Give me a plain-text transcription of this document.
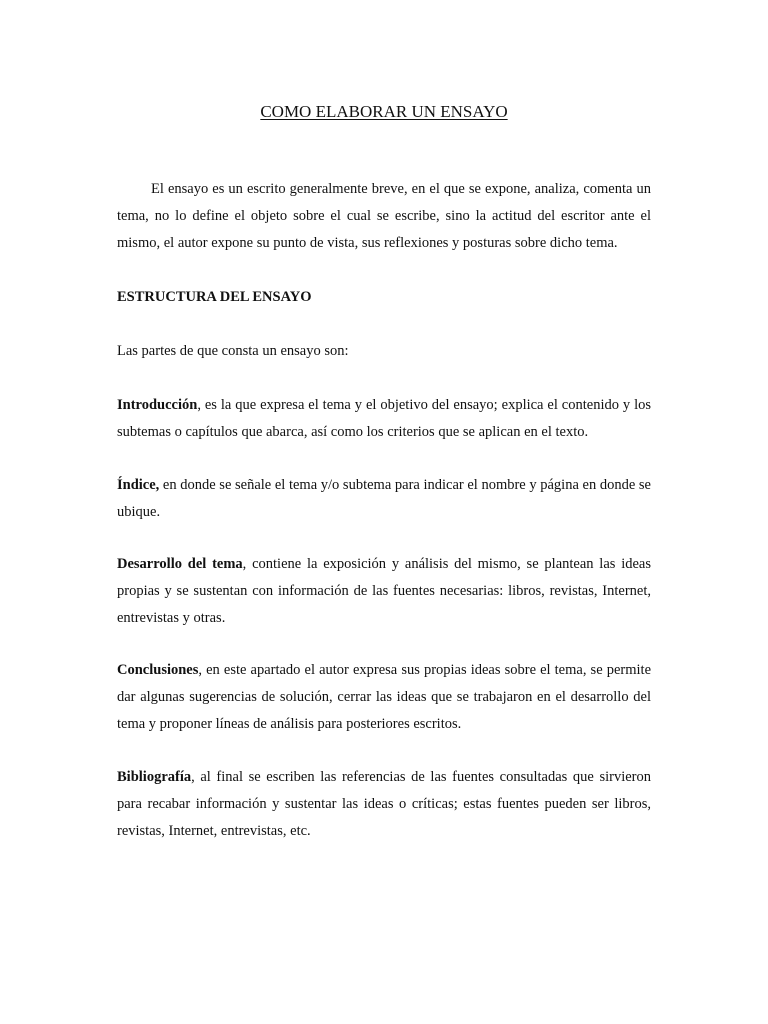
COMO ELABORAR UN ENSAYO

El ensayo es un escrito generalmente breve, en el que se expone, analiza, comenta un tema, no lo define el objeto sobre el cual se escribe, sino la actitud del escritor ante el mismo, el autor expone su punto de vista, sus reflexiones y posturas sobre dicho tema.

ESTRUCTURA DEL ENSAYO

Las partes de que consta un ensayo son:

Introducción, es la que expresa el tema y el objetivo del ensayo; explica el contenido y los subtemas o capítulos que abarca, así como los criterios que se aplican en el texto.

Índice, en donde se señale el tema y/o subtema para indicar el nombre y página en donde se ubique.

Desarrollo del tema, contiene la exposición y análisis del mismo, se plantean las ideas propias y se sustentan con información de las fuentes necesarias: libros, revistas, Internet, entrevistas y otras.

Conclusiones, en este apartado el autor expresa sus propias ideas sobre el tema, se permite dar algunas sugerencias de solución, cerrar las ideas que se trabajaron en el desarrollo del tema y proponer líneas de análisis para posteriores escritos.

Bibliografía, al final se escriben las referencias de las fuentes consultadas que sirvieron para recabar información y sustentar las ideas o críticas; estas fuentes pueden ser libros, revistas, Internet, entrevistas, etc.
